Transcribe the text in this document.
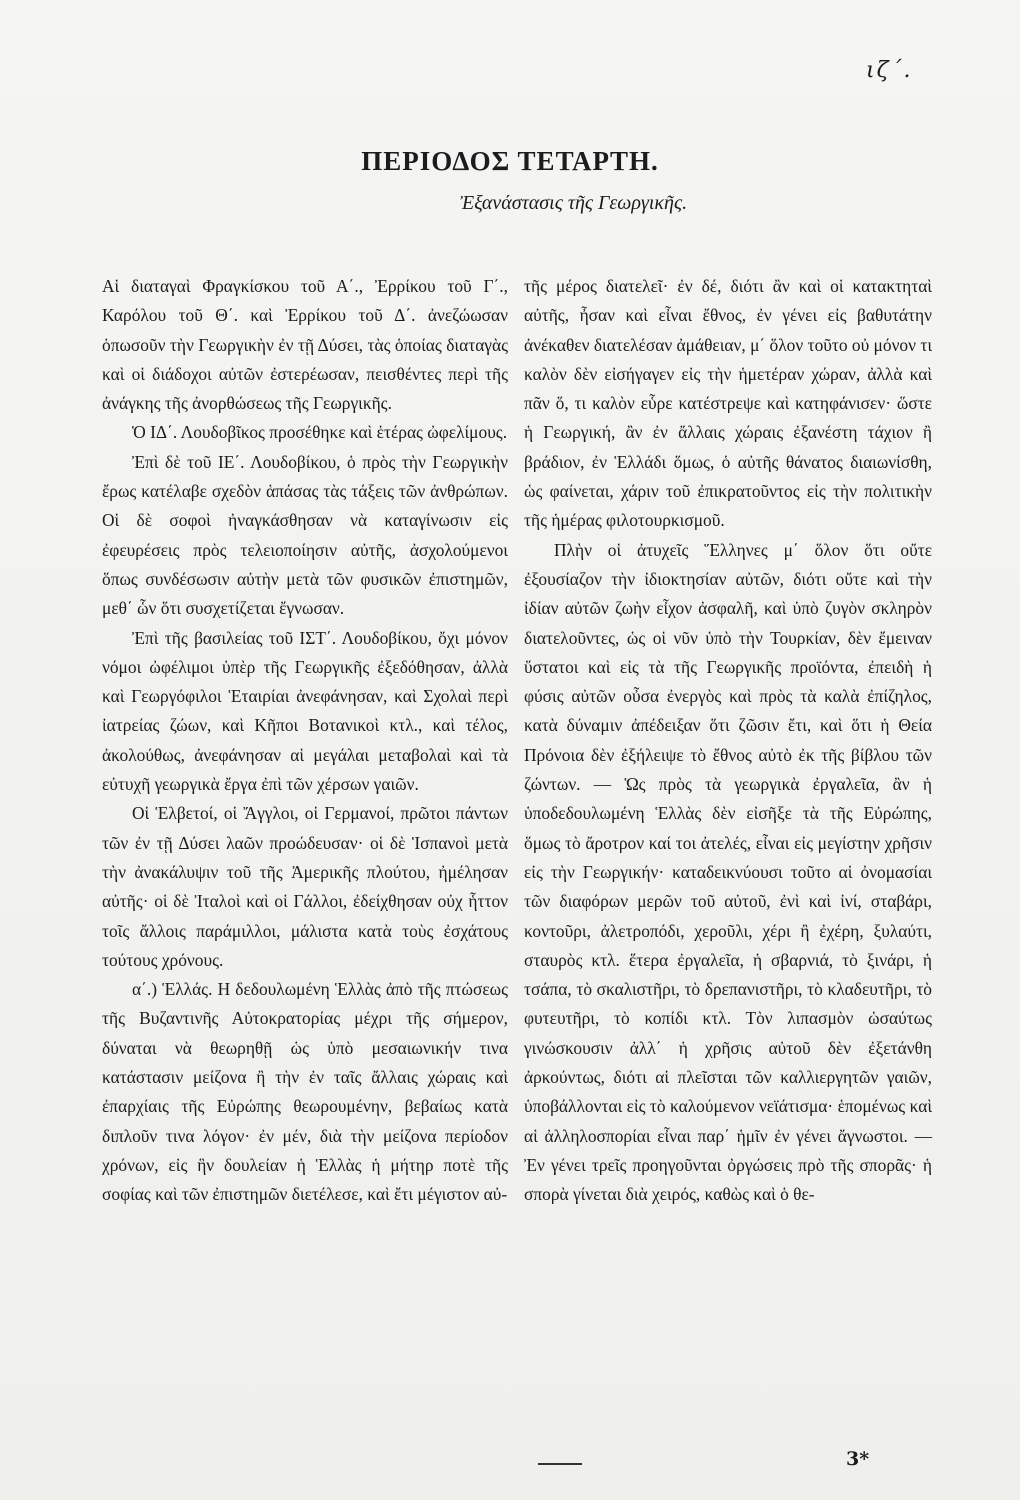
ιζ΄.
ΠΕΡΙΟΔΟΣ ΤΕΤΑΡΤΗ.
Ἐξανάστασις τῆς Γεωργικῆς.

Αἱ διαταγαὶ Φραγκίσκου τοῦ Α΄., Ἐρρίκου τοῦ Γ΄., Καρόλου τοῦ Θ΄. καὶ Ἐρρίκου τοῦ Δ΄. ἀνεζώωσαν ὁπωσοῦν τὴν Γεωργικὴν ἐν τῇ Δύσει, τὰς ὁποίας διαταγὰς καὶ οἱ διάδοχοι αὐτῶν ἐστερέωσαν, πεισθέντες περὶ τῆς ἀνάγκης τῆς ἀνορθώσεως τῆς Γεωργικῆς.

Ὁ ΙΔ΄. Λουδοβῖκος προσέθηκε καὶ ἑτέρας ὠφελίμους.

Ἐπὶ δὲ τοῦ ΙΕ΄. Λουδοβίκου, ὁ πρὸς τὴν Γεωργικὴν ἔρως κατέλαβε σχεδὸν ἁπάσας τὰς τάξεις τῶν ἀνθρώπων. Οἱ δὲ σοφοὶ ἠναγκάσθησαν νὰ καταγίνωσιν εἰς ἐφευρέσεις πρὸς τελειοποίησιν αὐτῆς, ἀσχολούμενοι ὅπως συνδέσωσιν αὐτὴν μετὰ τῶν φυσικῶν ἐπιστημῶν, μεθ΄ ὧν ὅτι συσχετίζεται ἔγνωσαν.

Ἐπὶ τῆς βασιλείας τοῦ ΙΣΤ΄. Λουδοβίκου, ὄχι μόνον νόμοι ὠφέλιμοι ὑπὲρ τῆς Γεωργικῆς ἐξεδόθησαν, ἀλλὰ καὶ Γεωργόφιλοι Ἑταιρίαι ἀνεφάνησαν, καὶ Σχολαὶ περὶ ἰατρείας ζώων, καὶ Κῆποι Βοτανικοὶ κτλ., καὶ τέλος, ἀκολούθως, ἀνεφάνησαν αἱ μεγάλαι μεταβολαὶ καὶ τὰ εὐτυχῆ γεωργικὰ ἔργα ἐπὶ τῶν χέρσων γαιῶν.

Οἱ Ἑλβετοί, οἱ Ἄγγλοι, οἱ Γερμανοί, πρῶτοι πάντων τῶν ἐν τῇ Δύσει λαῶν προώδευσαν· οἱ δὲ Ἱσπανοὶ μετὰ τὴν ἀνακάλυψιν τοῦ τῆς Ἀμερικῆς πλούτου, ἠμέλησαν αὐτῆς· οἱ δὲ Ἰταλοὶ καὶ οἱ Γάλλοι, ἐδείχθησαν οὐχ ἧττον τοῖς ἄλλοις παράμιλλοι, μάλιστα κατὰ τοὺς ἐσχάτους τούτους χρόνους.

α΄.) Ἑλλάς. Η δεδουλωμένη Ἑλλὰς ἀπὸ τῆς πτώσεως τῆς Βυζαντινῆς Αὐτοκρατορίας μέχρι τῆς σήμερον, δύναται νὰ θεωρηθῇ ὡς ὑπὸ μεσαιωνικήν τινα κατάστασιν μείζονα ἢ τὴν ἐν ταῖς ἄλλαις χώραις καὶ ἐπαρχίαις τῆς Εὐρώπης θεωρουμένην, βεβαίως κατὰ διπλοῦν τινα λόγον· ἐν μέν, διὰ τὴν μείζονα περίοδον χρόνων, εἰς ἣν δουλείαν ἡ Ἑλλὰς ἡ μήτηρ ποτὲ τῆς σοφίας καὶ τῶν ἐπιστημῶν διετέλεσε, καὶ ἔτι μέγιστον αὐ-

τῆς μέρος διατελεῖ· ἐν δέ, διότι ἂν καὶ οἱ κατακτηταὶ αὐτῆς, ἦσαν καὶ εἶναι ἔθνος, ἐν γένει εἰς βαθυτάτην ἀνέκαθεν διατελέσαν ἀμάθειαν, μ΄ ὅλον τοῦτο οὐ μόνον τι καλὸν δὲν εἰσήγαγεν εἰς τὴν ἡμετέραν χώραν, ἀλλὰ καὶ πᾶν ὅ, τι καλὸν εὗρε κατέστρεψε καὶ κατηφάνισεν· ὥστε ἡ Γεωργική, ἂν ἐν ἄλλαις χώραις ἐξανέστη τάχιον ἢ βράδιον, ἐν Ἑλλάδι ὅμως, ὁ αὐτῆς θάνατος διαιωνίσθη, ὡς φαίνεται, χάριν τοῦ ἐπικρατοῦντος εἰς τὴν πολιτικὴν τῆς ἡμέρας φιλοτουρκισμοῦ.

Πλὴν οἱ ἀτυχεῖς Ἕλληνες μ΄ ὅλον ὅτι οὔτε ἐξουσίαζον τὴν ἰδιοκτησίαν αὐτῶν, διότι οὔτε καὶ τὴν ἰδίαν αὐτῶν ζωὴν εἶχον ἀσφαλῆ, καὶ ὑπὸ ζυγὸν σκληρὸν διατελοῦντες, ὡς οἱ νῦν ὑπὸ τὴν Τουρκίαν, δὲν ἔμειναν ὕστατοι καὶ εἰς τὰ τῆς Γεωργικῆς προϊόντα, ἐπειδὴ ἡ φύσις αὐτῶν οὖσα ἐνεργὸς καὶ πρὸς τὰ καλὰ ἐπίζηλος, κατὰ δύναμιν ἀπέδειξαν ὅτι ζῶσιν ἔτι, καὶ ὅτι ἡ Θεία Πρόνοια δὲν ἐξήλειψε τὸ ἔθνος αὐτὸ ἐκ τῆς βίβλου τῶν ζώντων. — Ὡς πρὸς τὰ γεωργικὰ ἐργαλεῖα, ἂν ἡ ὑποδεδουλωμένη Ἑλλὰς δὲν εἰσῆξε τὰ τῆς Εὐρώπης, ὅμως τὸ ἄροτρον καί τοι ἀτελές, εἶναι εἰς μεγίστην χρῆσιν εἰς τὴν Γεωργικήν· καταδεικνύουσι τοῦτο αἱ ὀνομασίαι τῶν διαφόρων μερῶν τοῦ αὐτοῦ, ἐνὶ καὶ ἰνί, σταβάρι, κοντοῦρι, ἀλετροπόδι, χεροῦλι, χέρι ἢ ἐχέρη, ξυλαύτι, σταυρὸς κτλ. ἕτερα ἐργαλεῖα, ἡ σβαρνιά, τὸ ξινάρι, ἡ τσάπα, τὸ σκαλιστῆρι, τὸ δρεπανιστῆρι, τὸ κλαδευτῆρι, τὸ φυτευτῆρι, τὸ κοπίδι κτλ. Τὸν λιπασμὸν ὡσαύτως γινώσκουσιν ἀλλ΄ ἡ χρῆσις αὐτοῦ δὲν ἐξετάνθη ἀρκούντως, διότι αἱ πλεῖσται τῶν καλλιεργητῶν γαιῶν, ὑποβάλλονται εἰς τὸ καλούμενον νεϊάτισμα· ἑπομένως καὶ αἱ ἀλληλοσπορίαι εἶναι παρ΄ ἡμῖν ἐν γένει ἄγνωστοι. — Ἐν γένει τρεῖς προηγοῦνται ὀργώσεις πρὸ τῆς σπορᾶς· ἡ σπορὰ γίνεται διὰ χειρός, καθὼς καὶ ὁ θε-

3*
